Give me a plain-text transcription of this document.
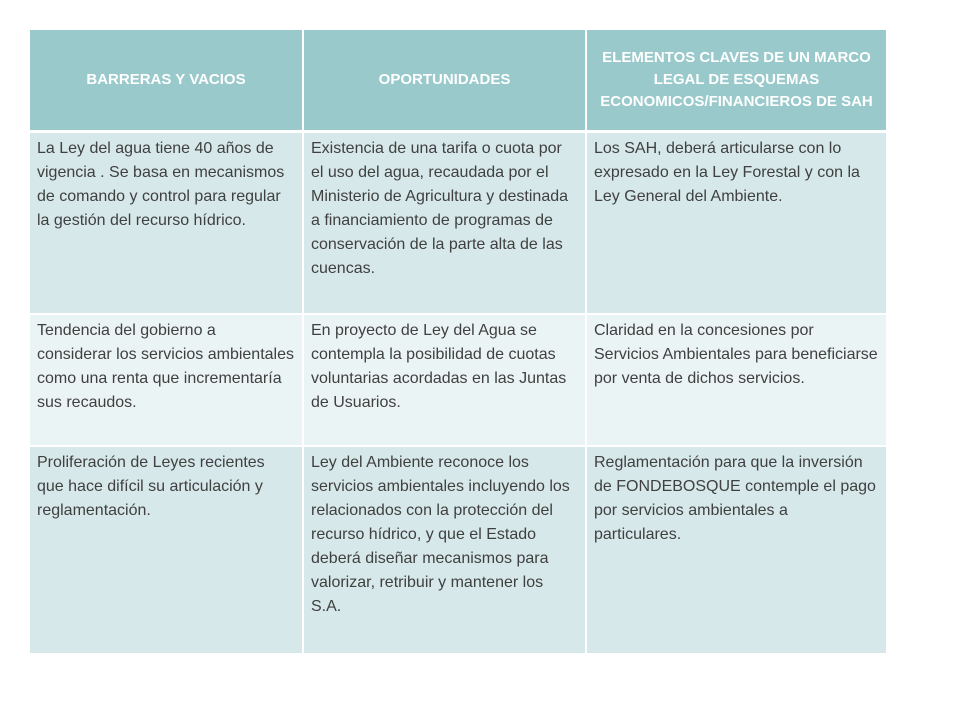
BARRERAS Y VACIOS	OPORTUNIDADES	ELEMENTOS CLAVES DE UN MARCO LEGAL DE ESQUEMAS ECONOMICOS/FINANCIEROS DE SAH
La Ley del agua tiene 40 años de vigencia . Se basa en mecanismos de comando y control para regular la gestión del recurso hídrico.	Existencia de una tarifa o cuota por el uso del agua, recaudada por el Ministerio de Agricultura y destinada a financiamiento de programas de conservación de la parte alta de las cuencas.	Los SAH, deberá articularse con lo expresado en la Ley Forestal y con la Ley General del Ambiente.
Tendencia del gobierno a considerar los servicios ambientales como una renta que incrementaría sus recaudos.	En proyecto de Ley del Agua se contempla la posibilidad de cuotas voluntarias acordadas en las Juntas de Usuarios.	Claridad en la concesiones por Servicios Ambientales para beneficiarse por venta de dichos servicios.
Proliferación de Leyes recientes que hace difícil su articulación y reglamentación.	Ley del Ambiente reconoce los servicios ambientales incluyendo los relacionados con la protección del recurso hídrico, y que el Estado deberá diseñar mecanismos para valorizar, retribuir y mantener los S.A.	Reglamentación para que la inversión de FONDEBOSQUE contemple el pago por servicios ambientales a particulares.
